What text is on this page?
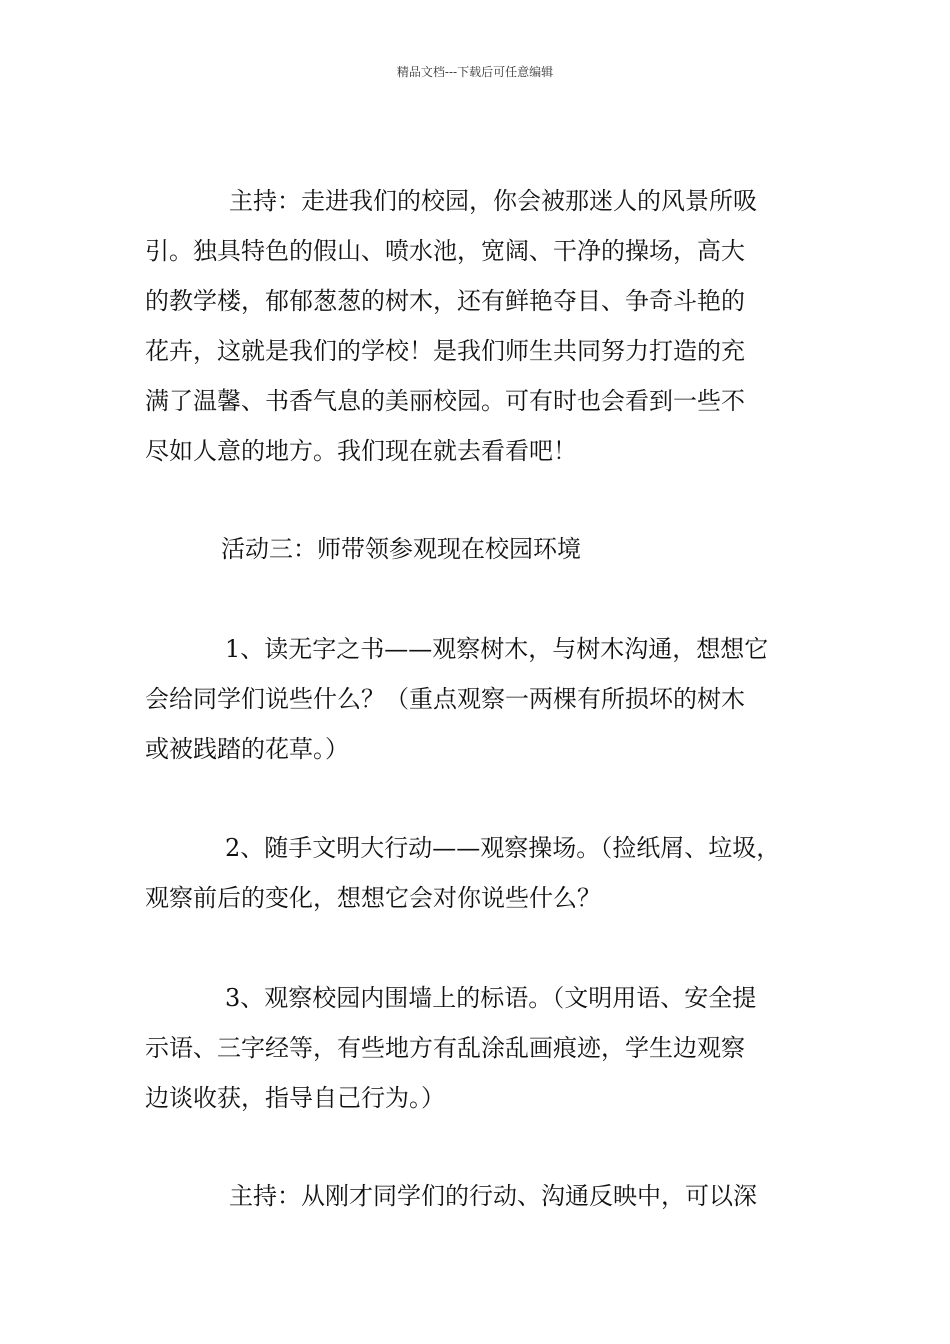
精品文档---下载后可任意编辑
主持：走进我们的校园，你会被那迷人的风景所吸
引。独具特色的假山、喷水池，宽阔、干净的操场，高大
的教学楼，郁郁葱葱的树木，还有鲜艳夺目、争奇斗艳的
花卉，这就是我们的学校！是我们师生共同努力打造的充
满了温馨、书香气息的美丽校园。可有时也会看到一些不
尽如人意的地方。我们现在就去看看吧！
活动三：师带领参观现在校园环境
1、读无字之书——观察树木，与树木沟通，想想它
会给同学们说些什么？（重点观察一两棵有所损坏的树木
或被践踏的花草。）
2、随手文明大行动——观察操场。（捡纸屑、垃圾，
观察前后的变化，想想它会对你说些什么？
3、观察校园内围墙上的标语。（文明用语、安全提
示语、三字经等，有些地方有乱涂乱画痕迹，学生边观察
边谈收获，指导自己行为。）
主持：从刚才同学们的行动、沟通反映中，可以深
